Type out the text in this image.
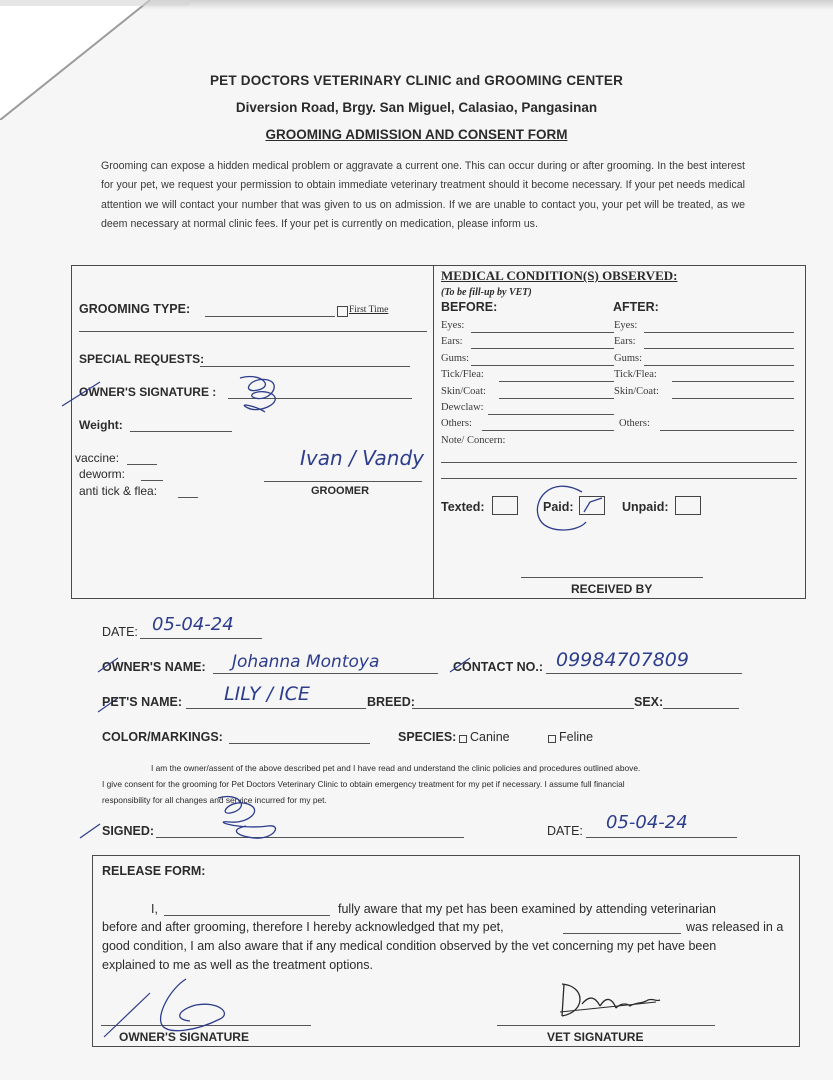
PET DOCTORS VETERINARY CLINIC and GROOMING CENTER
Diversion Road, Brgy. San Miguel, Calasiao, Pangasinan
GROOMING ADMISSION AND CONSENT FORM
Grooming can expose a hidden medical problem or aggravate a current one. This can occur during or after grooming. In the best interest for your pet, we request your permission to obtain immediate veterinary treatment should it become necessary. If your pet needs medical attention we will contact your number that was given to us on admission. If we are unable to contact you, your pet will be treated, as we deem necessary at normal clinic fees. If your pet is currently on medication, please inform us.
GROOMING TYPE:	First Time
SPECIAL REQUESTS:
OWNER'S SIGNATURE :
Weight:
vaccine:
deworm:
anti tick & flea:
Ivan / Vandy
GROOMER
MEDICAL CONDITION(S) OBSERVED:
(To be fill-up by VET)
BEFORE:	AFTER:
Eyes:	Eyes:
Ears:	Ears:
Gums:	Gums:
Tick/Flea:	Tick/Flea:
Skin/Coat:	Skin/Coat:
Dewclaw:
Others:	Others:
Note/ Concern:
Texted:	Paid:	Unpaid:
RECEIVED BY
DATE: 05-04-24
OWNER'S NAME: Johanna Montoya	CONTACT NO.: 09984707809
PET'S NAME: LILY / ICE	BREED:	SEX:
COLOR/MARKINGS:	SPECIES: Canine	Feline
I am the owner/assent of the above described pet and I have read and understand the clinic policies and procedures outlined above.
I give consent for the grooming for Pet Doctors Veterinary Clinic to obtain emergency treatment for my pet if necessary. I assume full financial
responsibility for all changes and service incurred for my pet.
SIGNED:	DATE: 05-04-24
RELEASE FORM:
I,	fully aware that my pet has been examined by attending veterinarian
before and after grooming, therefore I hereby acknowledged that my pet,	was released in a
good condition, I am also aware that if any medical condition observed by the vet concerning my pet have been
explained to me as well as the treatment options.
OWNER'S SIGNATURE	VET SIGNATURE
